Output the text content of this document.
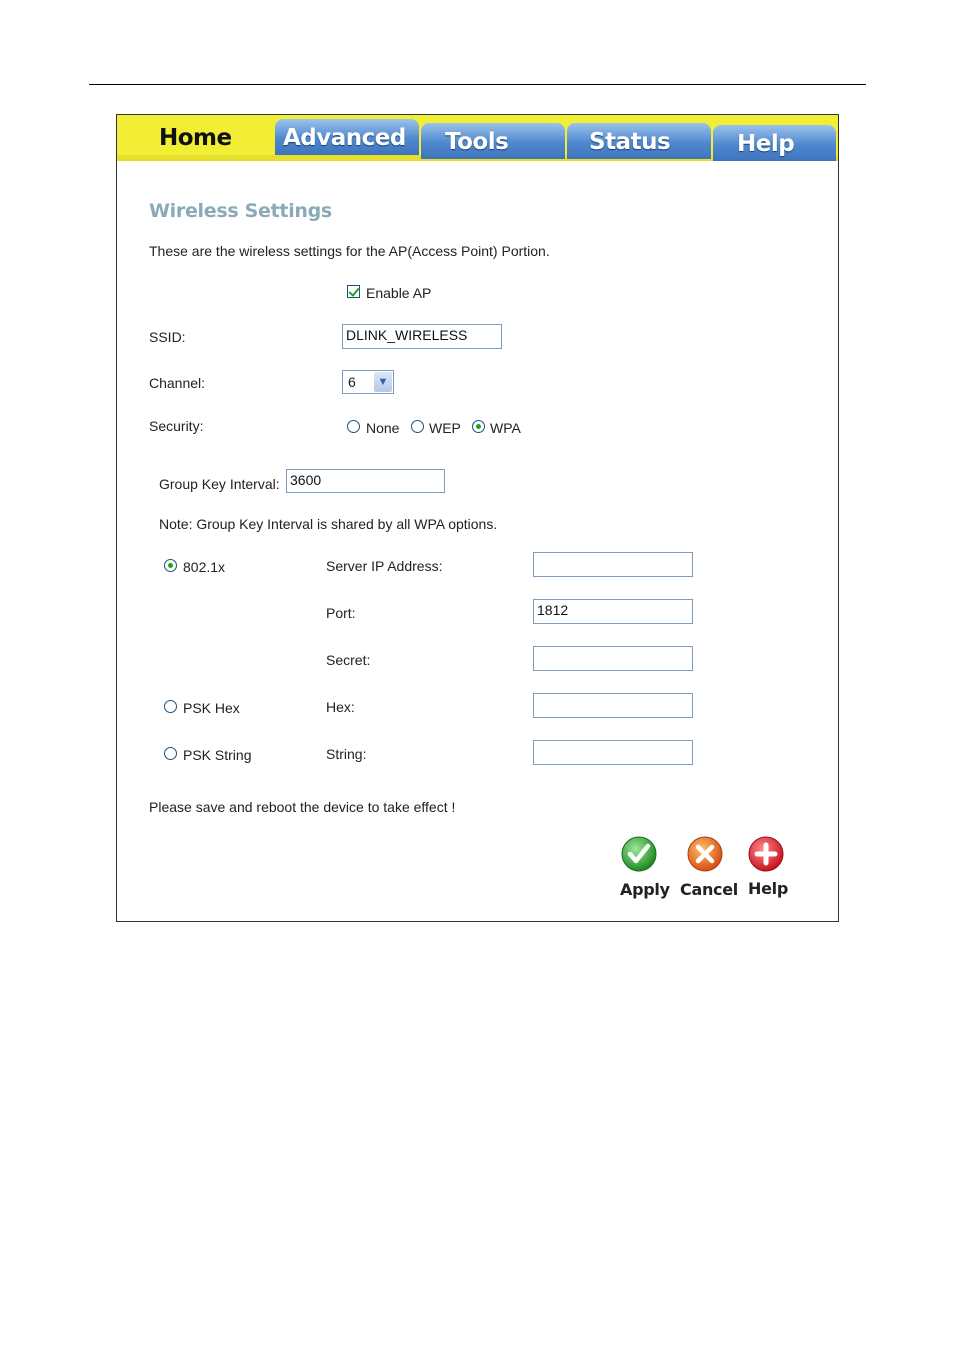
Home	Advanced	Tools	Status	Help
Wireless Settings
These are the wireless settings for the AP(Access Point) Portion.
Enable AP
SSID:	DLINK_WIRELESS
Channel:	6	▼
Security:	None WEP WPA
Group Key Interval: 3600
Note: Group Key Interval is shared by all WPA options.
802.1x	Server IP Address:
Port:	1812
Secret:
PSK Hex	Hex:
PSK String	String:
Please save and reboot the device to take effect !
Apply Cancel Help
